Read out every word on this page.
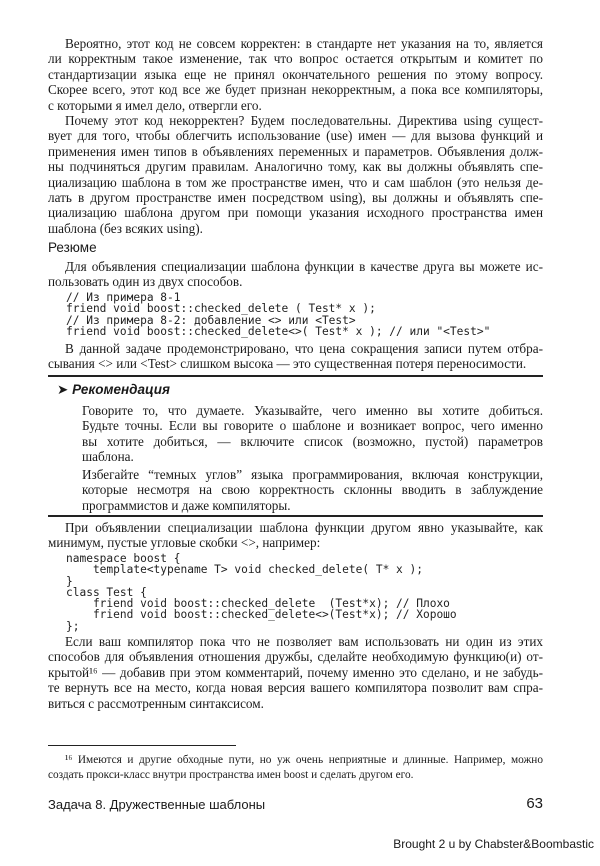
Вероятно, этот код не совсем корректен: в стандарте нет указания на то, является
ли корректным такое изменение, так что вопрос остается открытым и комитет по
стандартизации языка еще не принял окончательного решения по этому вопросу.
Скорее всего, этот код все же будет признан некорректным, а пока все компиляторы,
с которыми я имел дело, отвергли его.
Почему этот код некорректен? Будем последовательны. Директива using сущест-
вует для того, чтобы облегчить использование (use) имен — для вызова функций и
применения имен типов в объявлениях переменных и параметров. Объявления долж-
ны подчиняться другим правилам. Аналогично тому, как вы должны объявлять спе-
циализацию шаблона в том же пространстве имен, что и сам шаблон (это нельзя де-
лать в другом пространстве имен посредством using), вы должны и объявлять спе-
циализацию шаблона другом при помощи указания исходного пространства имен
шаблона (без всяких using).
Резюме
Для объявления специализации шаблона функции в качестве друга вы можете ис-
пользовать один из двух способов.
// Из примера 8-1
friend void boost::checked_delete ( Test* x );
// Из примера 8-2: добавление <> или <Test>
friend void boost::checked_delete<>( Test* x ); // или "<Test>"
В данной задаче продемонстрировано, что цена сокращения записи путем отбра-
сывания <> или <Test> слишком высока — это существенная потеря переносимости.
➤ Рекомендация
Говорите то, что думаете. Указывайте, чего именно вы хотите добиться.
Будьте точны. Если вы говорите о шаблоне и возникает вопрос, чего именно
вы хотите добиться, — включите список (возможно, пустой) параметров
шаблона.
Избегайте “темных углов” языка программирования, включая конструкции,
которые несмотря на свою корректность склонны вводить в заблуждение
программистов и даже компиляторы.
При объявлении специализации шаблона функции другом явно указывайте, как
минимум, пустые угловые скобки <>, например:
namespace boost {
template<typename T> void checked_delete( T* x );
}
class Test {
friend void boost::checked_delete  (Test*x); // Плохо
friend void boost::checked_delete<>(Test*x); // Хорошо
};
Если ваш компилятор пока что не позволяет вам использовать ни один из этих
способов для объявления отношения дружбы, сделайте необходимую функцию(и) от-
крытой¹⁶ — добавив при этом комментарий, почему именно это сделано, и не забудь-
те вернуть все на место, когда новая версия вашего компилятора позволит вам спра-
виться с рассмотренным синтаксисом.
¹⁶ Имеются и другие обходные пути, но уж очень неприятные и длинные. Например, можно
создать прокси-класс внутри пространства имен boost и сделать другом его.
Задача 8. Дружественные шаблоны	63
Brought 2 u by Chabster&Boombastic
